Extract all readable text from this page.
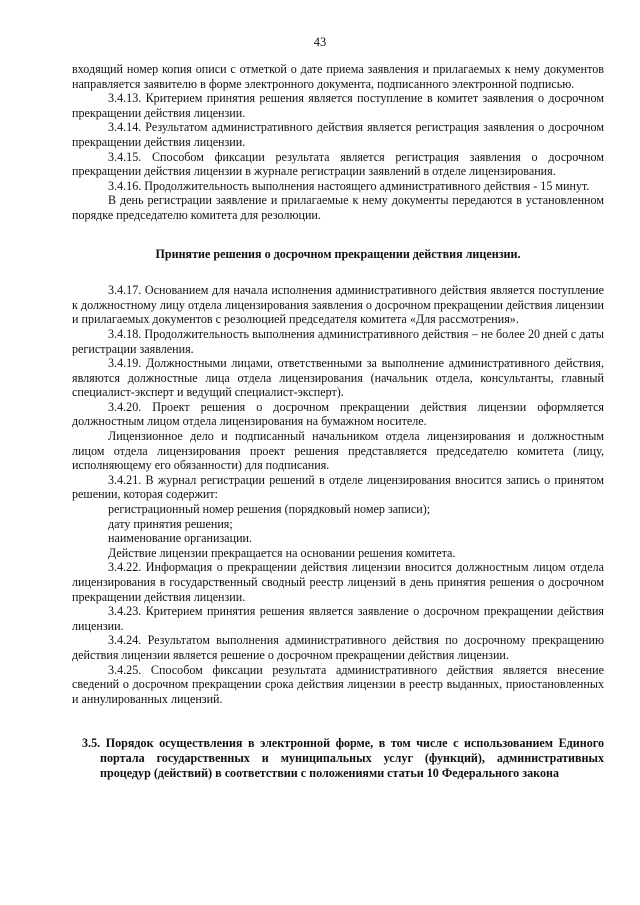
43

входящий номер копия описи с отметкой о дате приема заявления и прилагаемых к нему документов направляется заявителю в форме электронного документа, подписанного электронной подписью.

3.4.13. Критерием принятия решения является поступление в комитет заявления о досрочном прекращении действия лицензии.

3.4.14. Результатом административного действия является регистрация заявления о досрочном прекращении действия лицензии.

3.4.15. Способом фиксации результата является регистрация заявления о досрочном прекращении действия лицензии в журнале регистрации заявлений в отделе лицензирования.

3.4.16. Продолжительность выполнения настоящего административного действия - 15 минут.

В день регистрации заявление и прилагаемые к нему документы передаются в установленном порядке председателю комитета для резолюции.

Принятие решения о досрочном прекращении действия лицензии.

3.4.17. Основанием для начала исполнения административного действия является поступление к должностному лицу отдела лицензирования заявления о досрочном прекращении действия лицензии и прилагаемых документов с резолюцией председателя комитета «Для рассмотрения».

3.4.18. Продолжительность выполнения административного действия – не более 20 дней с даты регистрации заявления.

3.4.19. Должностными лицами, ответственными за выполнение административного действия, являются должностные лица отдела лицензирования (начальник отдела, консультанты, главный специалист-эксперт и ведущий специалист-эксперт).

3.4.20. Проект решения о досрочном прекращении действия лицензии оформляется должностным лицом отдела лицензирования на бумажном носителе.

Лицензионное дело и подписанный начальником отдела лицензирования и должностным лицом отдела лицензирования проект решения представляется председателю комитета (лицу, исполняющему его обязанности) для подписания.

3.4.21. В журнал регистрации решений в отделе лицензирования вносится запись о принятом решении, которая содержит:

регистрационный номер решения (порядковый номер записи);

дату принятия решения;

наименование организации.

Действие лицензии прекращается на основании решения комитета.

3.4.22. Информация о прекращении действия лицензии вносится должностным лицом отдела лицензирования в государственный сводный реестр лицензий в день принятия решения о досрочном прекращении действия лицензии.

3.4.23. Критерием принятия решения является заявление о досрочном прекращении действия лицензии.

3.4.24. Результатом выполнения административного действия по досрочному прекращению действия лицензии является решение о досрочном прекращении действия лицензии.

3.4.25. Способом фиксации результата административного действия является внесение сведений о досрочном прекращении срока действия лицензии в реестр выданных, приостановленных и аннулированных лицензий.

3.5. Порядок осуществления в электронной форме, в том числе с использованием Единого портала государственных и муниципальных услуг (функций), административных процедур (действий) в соответствии с положениями статьи 10 Федерального закона
